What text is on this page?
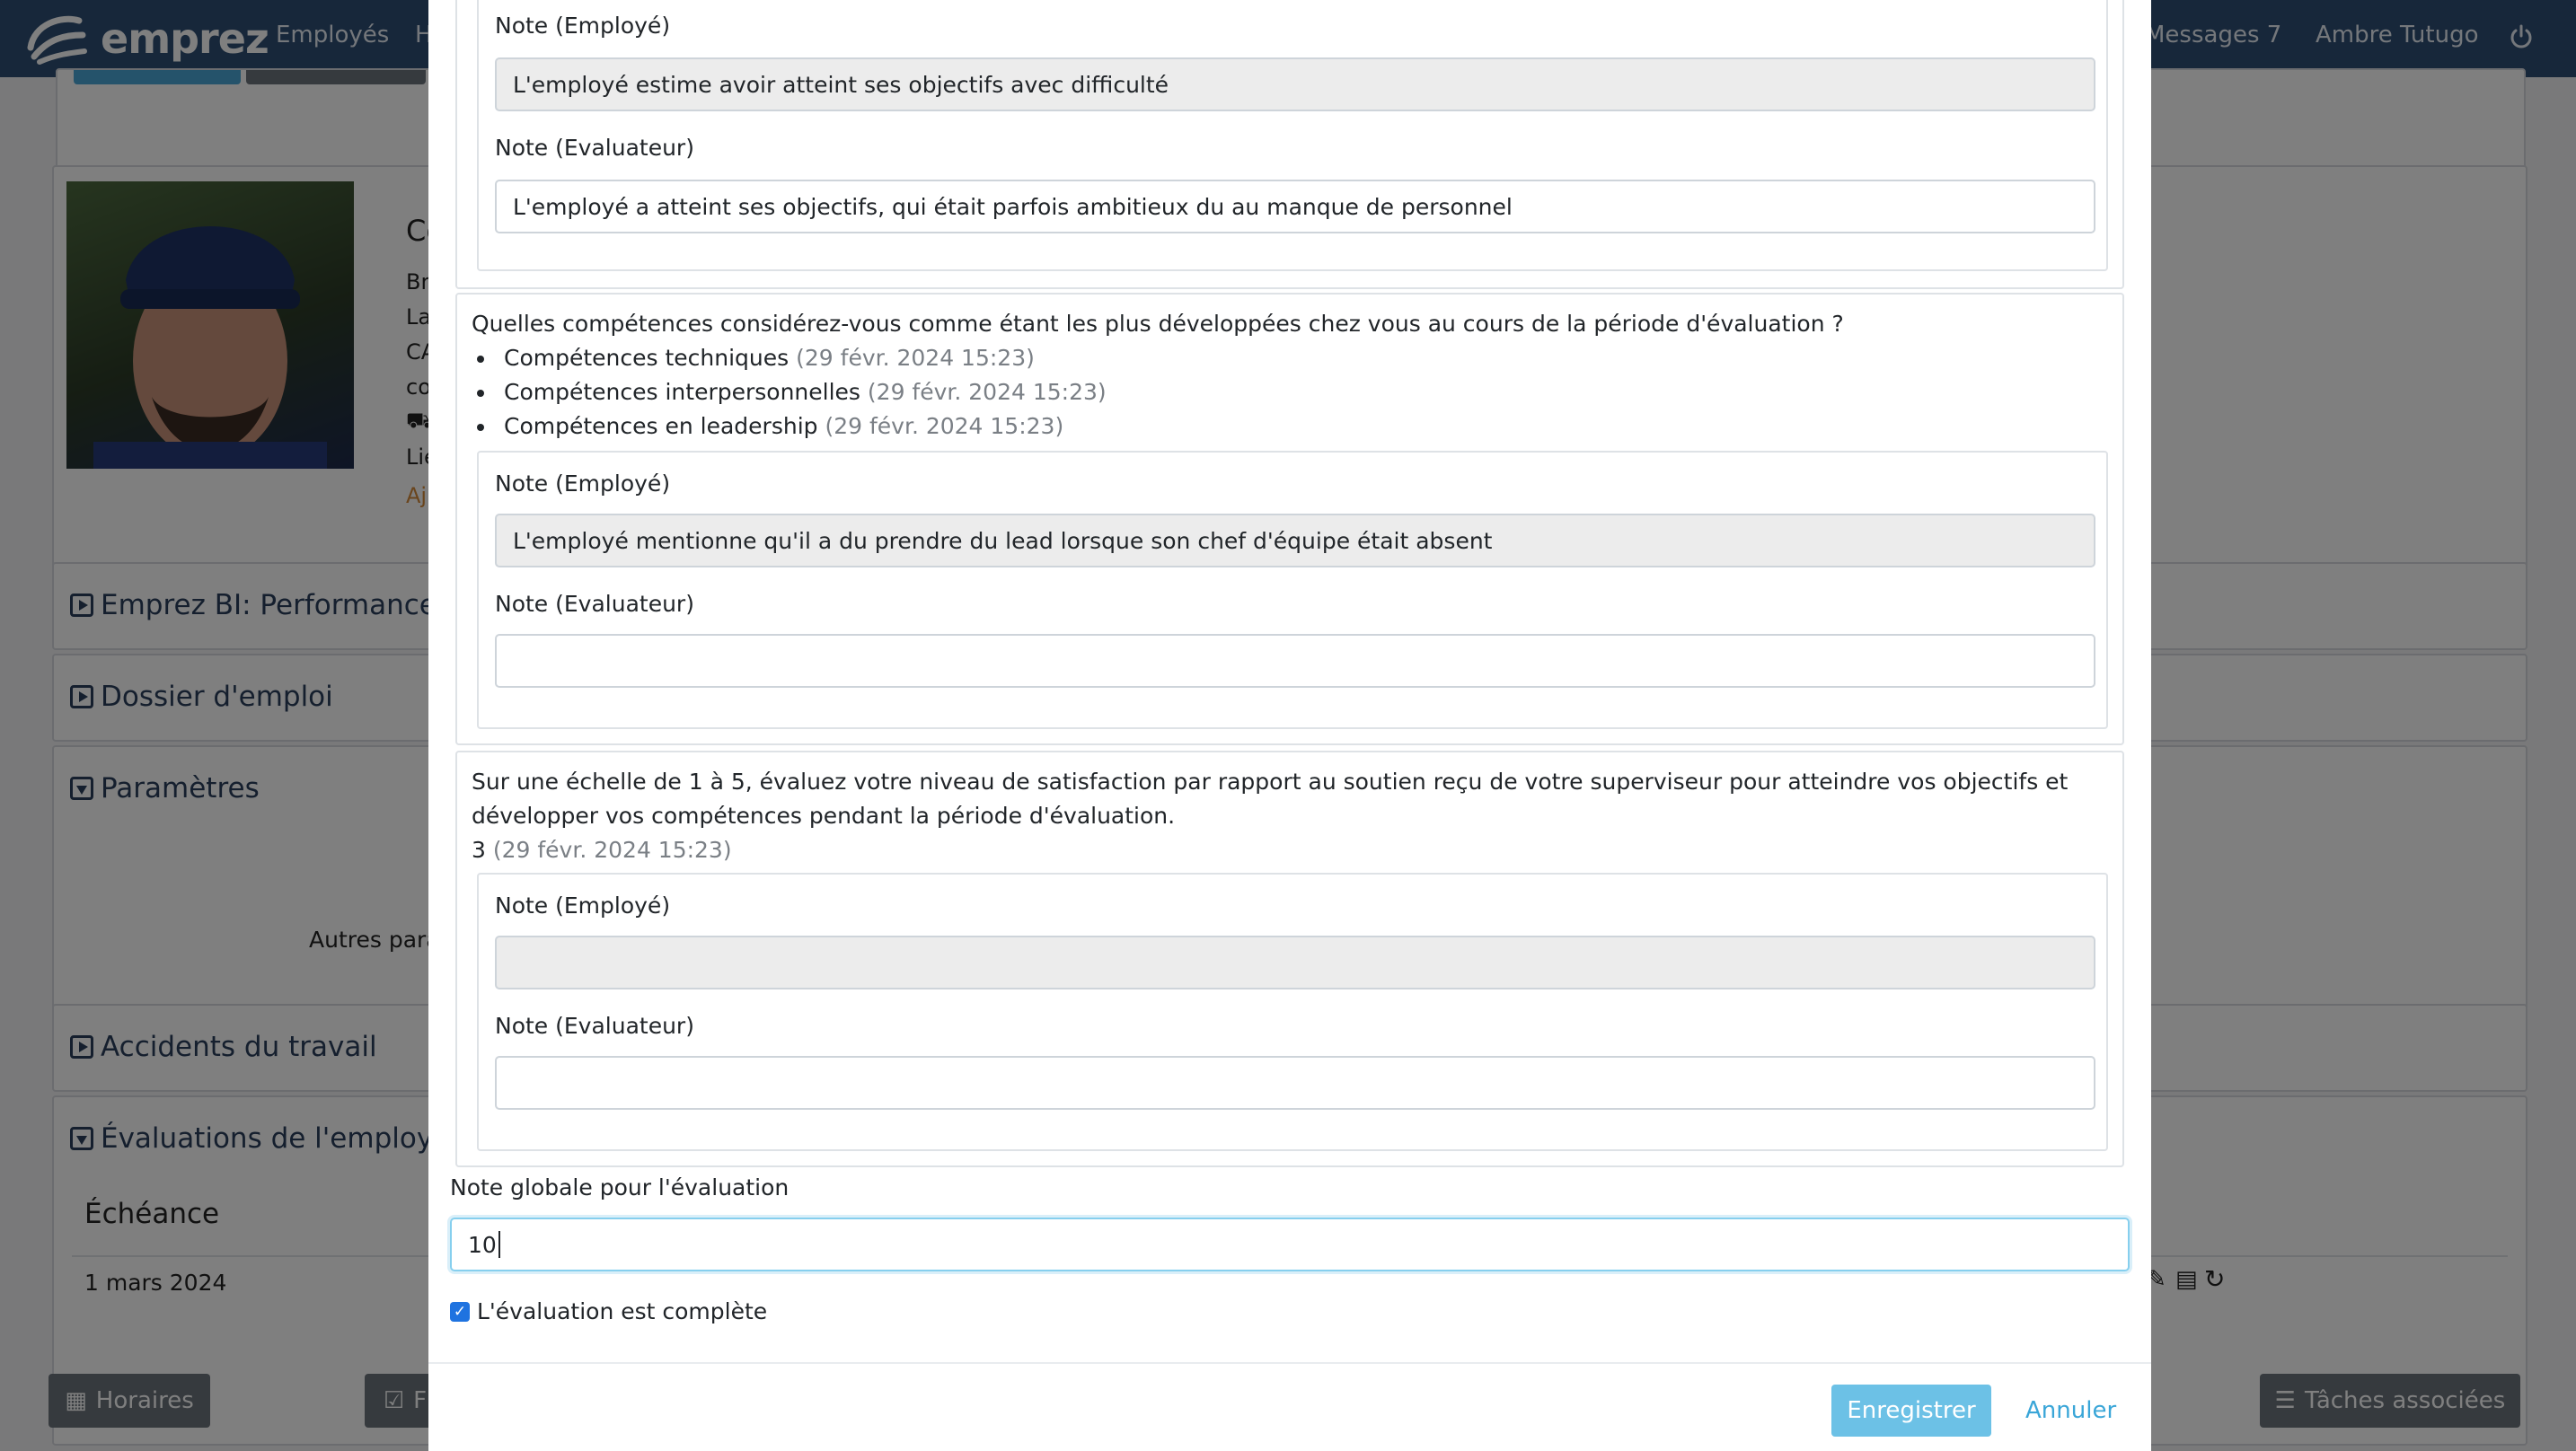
Note (Employé)
L'employé estime avoir atteint ses objectifs avec difficulté
Note (Evaluateur)
L'employé a atteint ses objectifs, qui était parfois ambitieux du au manque de personnel
Quelles compétences considérez-vous comme étant les plus développées chez vous au cours de la période d'évaluation ?
Compétences techniques (29 févr. 2024 15:23)
Compétences interpersonnelles (29 févr. 2024 15:23)
Compétences en leadership (29 févr. 2024 15:23)
Note (Employé)
L'employé mentionne qu'il a du prendre du lead lorsque son chef d'équipe était absent
Note (Evaluateur)
Sur une échelle de 1 à 5, évaluez votre niveau de satisfaction par rapport au soutien reçu de votre superviseur pour atteindre vos objectifs et développer vos compétences pendant la période d'évaluation.
3 (29 févr. 2024 15:23)
Note (Employé)
Note (Evaluateur)
Note globale pour l'évaluation
10
✓ L'évaluation est complète
Enregistrer	Annuler
